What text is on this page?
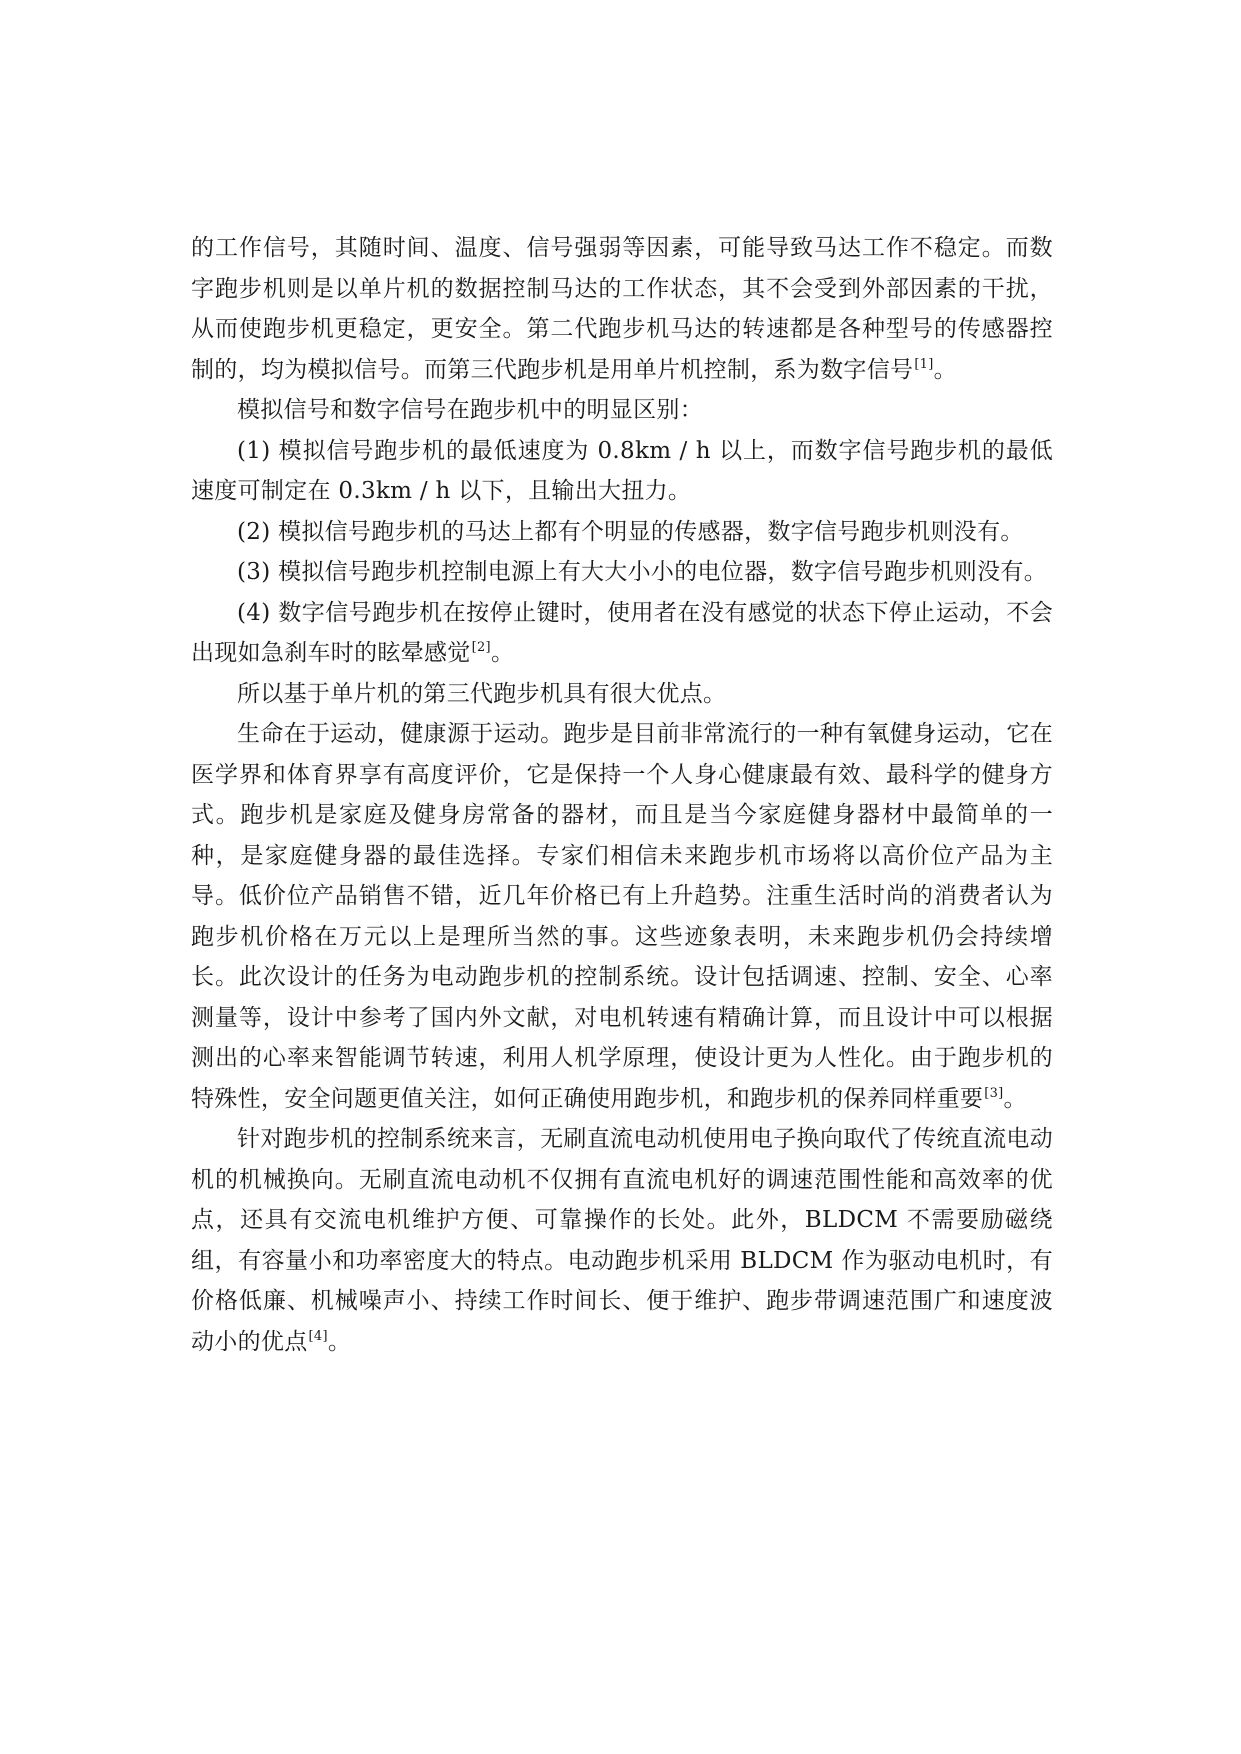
的工作信号，其随时间、温度、信号强弱等因素，可能导致马达工作不稳定。而数字跑步机则是以单片机的数据控制马达的工作状态，其不会受到外部因素的干扰，从而使跑步机更稳定，更安全。第二代跑步机马达的转速都是各种型号的传感器控制的，均为模拟信号。而第三代跑步机是用单片机控制，系为数字信号[1]。

模拟信号和数字信号在跑步机中的明显区别：

(1) 模拟信号跑步机的最低速度为 0.8km / h 以上，而数字信号跑步机的最低速度可制定在 0.3km / h 以下，且输出大扭力。

(2) 模拟信号跑步机的马达上都有个明显的传感器，数字信号跑步机则没有。

(3) 模拟信号跑步机控制电源上有大大小小的电位器，数字信号跑步机则没有。

(4) 数字信号跑步机在按停止键时，使用者在没有感觉的状态下停止运动，不会出现如急刹车时的眩晕感觉[2]。

所以基于单片机的第三代跑步机具有很大优点。

生命在于运动，健康源于运动。跑步是目前非常流行的一种有氧健身运动，它在医学界和体育界享有高度评价，它是保持一个人身心健康最有效、最科学的健身方式。跑步机是家庭及健身房常备的器材，而且是当今家庭健身器材中最简单的一种，是家庭健身器的最佳选择。专家们相信未来跑步机市场将以高价位产品为主导。低价位产品销售不错，近几年价格已有上升趋势。注重生活时尚的消费者认为跑步机价格在万元以上是理所当然的事。这些迹象表明，未来跑步机仍会持续增长。此次设计的任务为电动跑步机的控制系统。设计包括调速、控制、安全、心率测量等，设计中参考了国内外文献，对电机转速有精确计算，而且设计中可以根据测出的心率来智能调节转速，利用人机学原理，使设计更为人性化。由于跑步机的特殊性，安全问题更值关注，如何正确使用跑步机，和跑步机的保养同样重要[3]。

针对跑步机的控制系统来言，无刷直流电动机使用电子换向取代了传统直流电动机的机械换向。无刷直流电动机不仅拥有直流电机好的调速范围性能和高效率的优点，还具有交流电机维护方便、可靠操作的长处。此外，BLDCM 不需要励磁绕组，有容量小和功率密度大的特点。电动跑步机采用 BLDCM 作为驱动电机时，有价格低廉、机械噪声小、持续工作时间长、便于维护、跑步带调速范围广和速度波动小的优点[4]。
